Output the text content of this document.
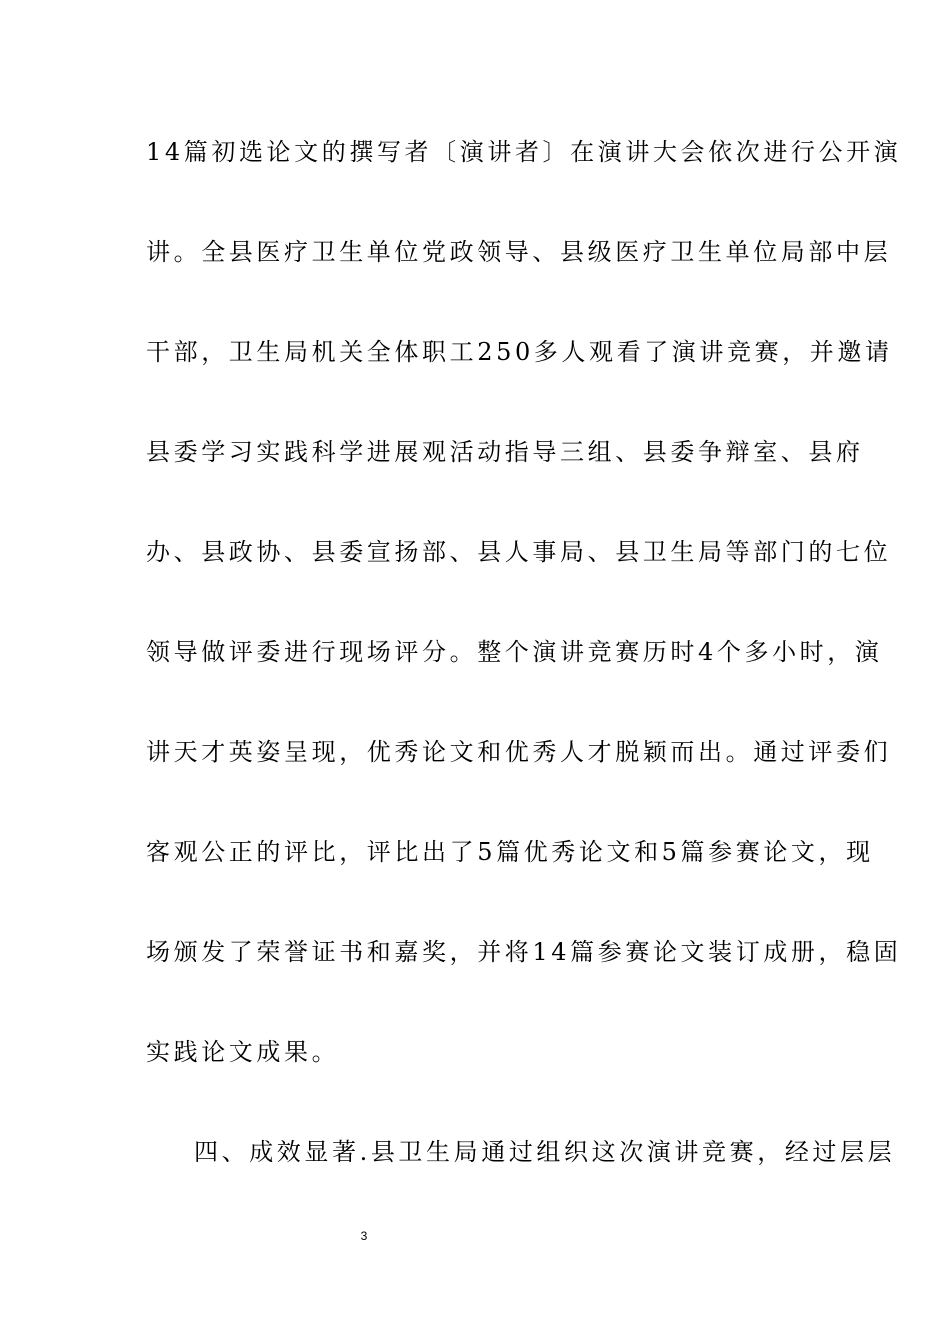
14篇初选论文的撰写者〔演讲者〕在演讲大会依次进行公开演
讲。全县医疗卫生单位党政领导、县级医疗卫生单位局部中层
干部，卫生局机关全体职工250多人观看了演讲竞赛，并邀请
县委学习实践科学进展观活动指导三组、县委争辩室、县府
办、县政协、县委宣扬部、县人事局、县卫生局等部门的七位
领导做评委进行现场评分。整个演讲竞赛历时4个多小时，演
讲天才英姿呈现，优秀论文和优秀人才脱颖而出。通过评委们
客观公正的评比，评比出了5篇优秀论文和5篇参赛论文，现
场颁发了荣誉证书和嘉奖，并将14篇参赛论文装订成册，稳固
实践论文成果。
四、成效显著.县卫生局通过组织这次演讲竞赛，经过层层
3
